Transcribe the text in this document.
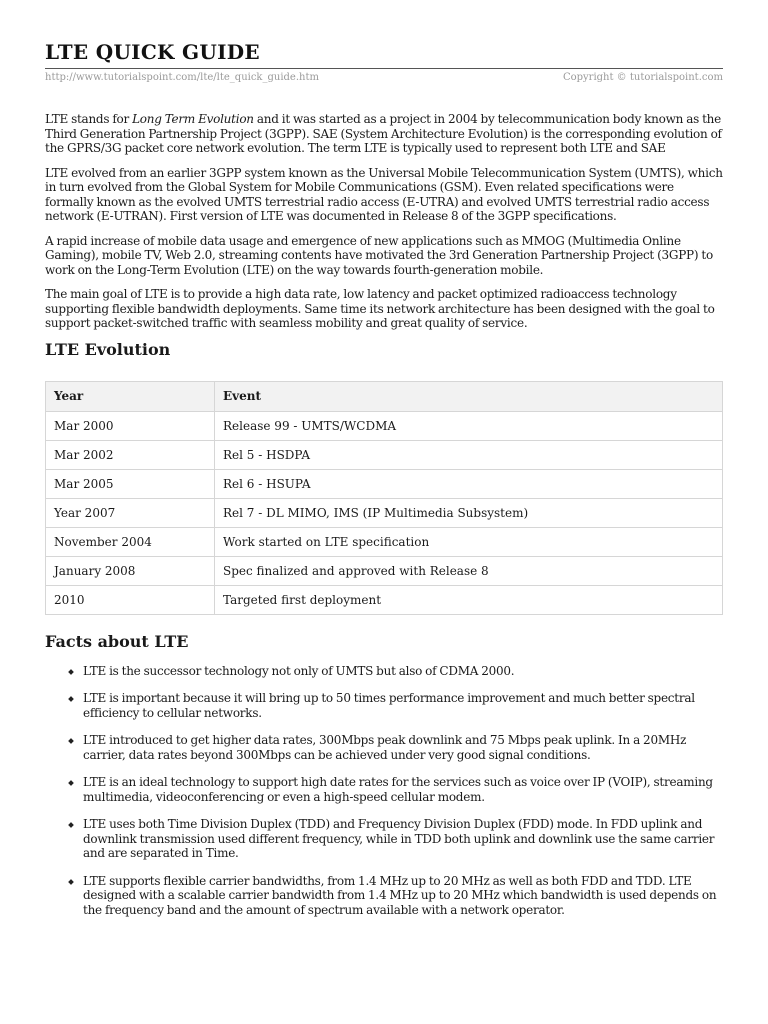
LTE QUICK GUIDE
http://www.tutorialspoint.com/lte/lte_quick_guide.htm	Copyright © tutorialspoint.com

LTE stands for Long Term Evolution and it was started as a project in 2004 by telecommunication body known as the Third Generation Partnership Project (3GPP). SAE (System Architecture Evolution) is the corresponding evolution of the GPRS/3G packet core network evolution. The term LTE is typically used to represent both LTE and SAE

LTE evolved from an earlier 3GPP system known as the Universal Mobile Telecommunication System (UMTS), which in turn evolved from the Global System for Mobile Communications (GSM). Even related specifications were formally known as the evolved UMTS terrestrial radio access (E-UTRA) and evolved UMTS terrestrial radio access network (E-UTRAN). First version of LTE was documented in Release 8 of the 3GPP specifications.

A rapid increase of mobile data usage and emergence of new applications such as MMOG (Multimedia Online Gaming), mobile TV, Web 2.0, streaming contents have motivated the 3rd Generation Partnership Project (3GPP) to work on the Long-Term Evolution (LTE) on the way towards fourth-generation mobile.

The main goal of LTE is to provide a high data rate, low latency and packet optimized radioaccess technology supporting flexible bandwidth deployments. Same time its network architecture has been designed with the goal to support packet-switched traffic with seamless mobility and great quality of service.

LTE Evolution
Year	Event
Mar 2000	Release 99 - UMTS/WCDMA
Mar 2002	Rel 5 - HSDPA
Mar 2005	Rel 6 - HSUPA
Year 2007	Rel 7 - DL MIMO, IMS (IP Multimedia Subsystem)
November 2004	Work started on LTE specification
January 2008	Spec finalized and approved with Release 8
2010	Targeted first deployment
Facts about LTE
LTE is the successor technology not only of UMTS but also of CDMA 2000.
LTE is important because it will bring up to 50 times performance improvement and much better spectral efficiency to cellular networks.
LTE introduced to get higher data rates, 300Mbps peak downlink and 75 Mbps peak uplink. In a 20MHz carrier, data rates beyond 300Mbps can be achieved under very good signal conditions.
LTE is an ideal technology to support high date rates for the services such as voice over IP (VOIP), streaming multimedia, videoconferencing or even a high-speed cellular modem.
LTE uses both Time Division Duplex (TDD) and Frequency Division Duplex (FDD) mode. In FDD uplink and downlink transmission used different frequency, while in TDD both uplink and downlink use the same carrier and are separated in Time.
LTE supports flexible carrier bandwidths, from 1.4 MHz up to 20 MHz as well as both FDD and TDD. LTE designed with a scalable carrier bandwidth from 1.4 MHz up to 20 MHz which bandwidth is used depends on the frequency band and the amount of spectrum available with a network operator.
